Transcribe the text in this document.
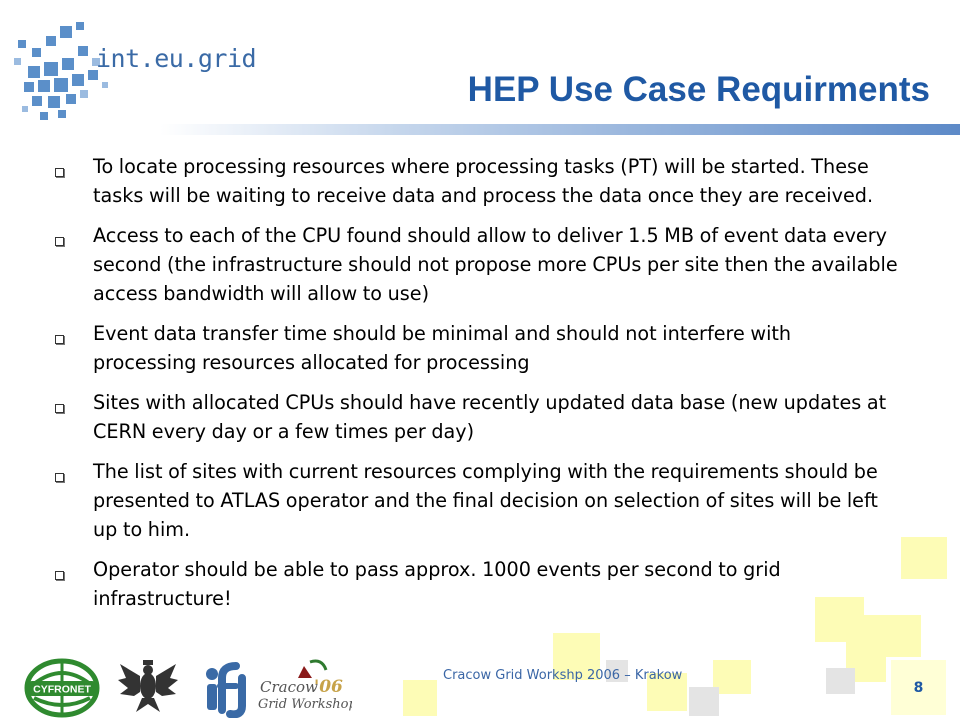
int.eu.grid
HEP Use Case Requirments
8
To locate processing resources where processing tasks (PT) will be started. These tasks will be waiting to receive data and process the data once they are received.
Access to each of the CPU found should allow to deliver 1.5 MB of event data every second (the infrastructure should not propose more CPUs per site then the available access bandwidth will allow to use)
Event data transfer time should be minimal and should not interfere with processing resources allocated for processing
Sites with allocated CPUs should have recently updated data base (new updates at CERN every day or a few times per day)
The list of sites with current resources complying with the requirements should be presented to ATLAS operator and the final decision on selection of sites will be left up to him.
Operator should be able to pass approx. 1000 events per second to grid infrastructure!
CYFRONET	Cracow
Grid Workshop
'06
Cracow Grid Workshp 2006 – Krakow
